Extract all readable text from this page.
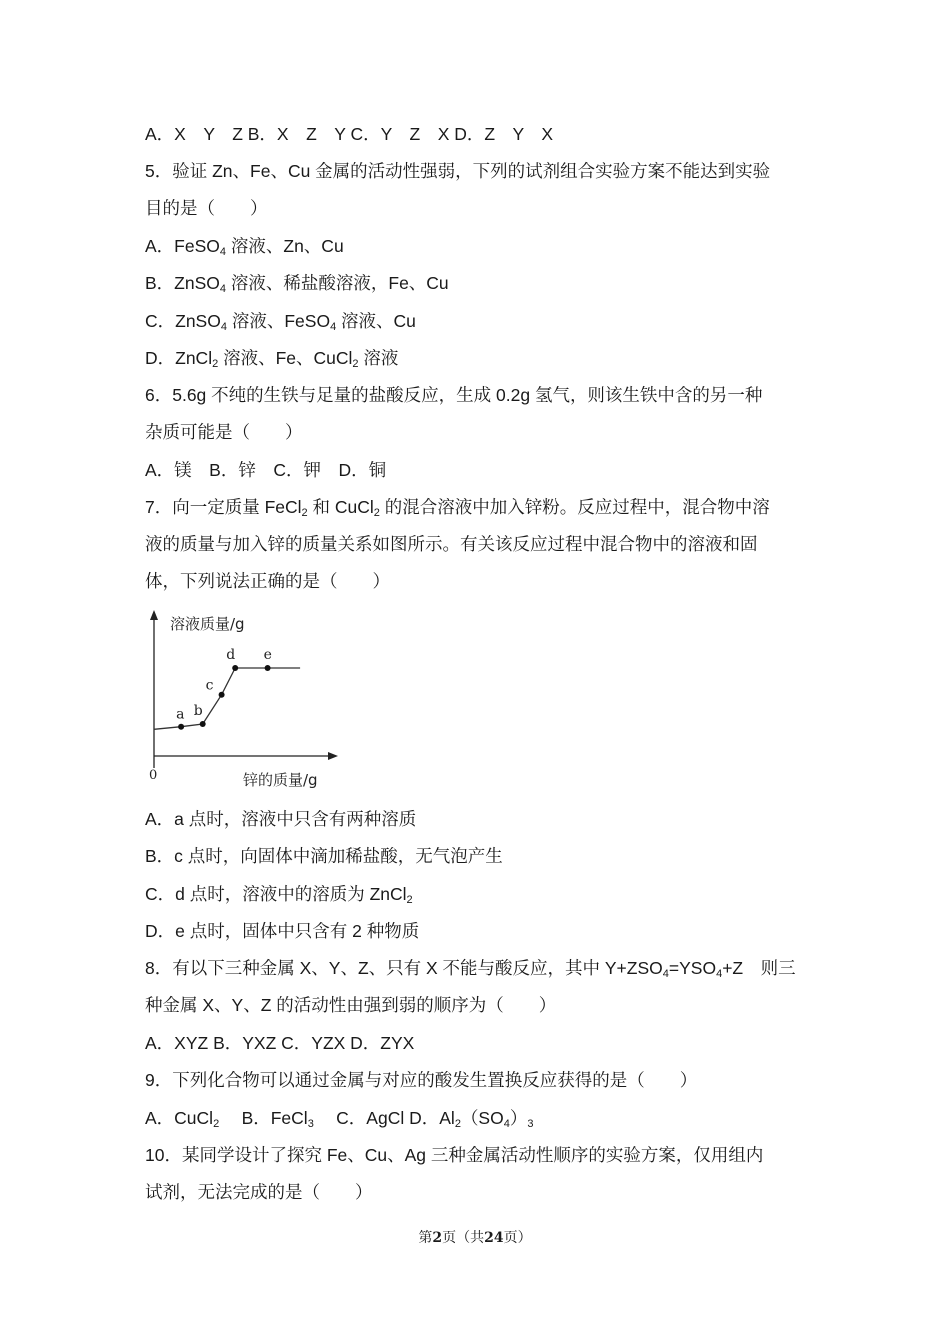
A．X　Y　Z B．X　Z　Y C．Y　Z　X D．Z　Y　X
5．验证 Zn、Fe、Cu 金属的活动性强弱，下列的试剂组合实验方案不能达到实验
目的是（　　）
A．FeSO$_4$ 溶液、Zn、Cu
B．ZnSO$_4$ 溶液、稀盐酸溶液，Fe、Cu
C．ZnSO$_4$ 溶液、FeSO$_4$ 溶液、Cu
D．ZnCl$_2$ 溶液、Fe、CuCl$_2$ 溶液
6．5.6g 不纯的生铁与足量的盐酸反应，生成 0.2g 氢气，则该生铁中含的另一种
杂质可能是（　　）
A．镁　B．锌　C．钾　D．铜
7．向一定质量 FeCl$_2$ 和 CuCl$_2$ 的混合溶液中加入锌粉。反应过程中，混合物中溶
液的质量与加入锌的质量关系如图所示。有关该反应过程中混合物中的溶液和固
体，下列说法正确的是（　　）
溶液质量/g
锌的质量/g
0
a b
c
d e
A．a 点时，溶液中只含有两种溶质
B．c 点时，向固体中滴加稀盐酸，无气泡产生
C．d 点时，溶液中的溶质为 ZnCl$_2$
D．e 点时，固体中只含有 2 种物质
8．有以下三种金属 X、Y、Z、只有 X 不能与酸反应，其中 $Y+ZSO_4=YSO_4+Z$　则三
种金属 X、Y、Z 的活动性由强到弱的顺序为（　　）
A．XYZ B．YXZ C．YZX D．ZYX
9．下列化合物可以通过金属与对应的酸发生置换反应获得的是（　　）
A．CuCl$_2$　 B．FeCl$_3$　 C．AgCl D．$Al_2(SO_4)_3$
10．某同学设计了探究 Fe、Cu、Ag 三种金属活动性顺序的实验方案，仅用组内
试剂，无法完成的是（　　）
第2页（共24页）
